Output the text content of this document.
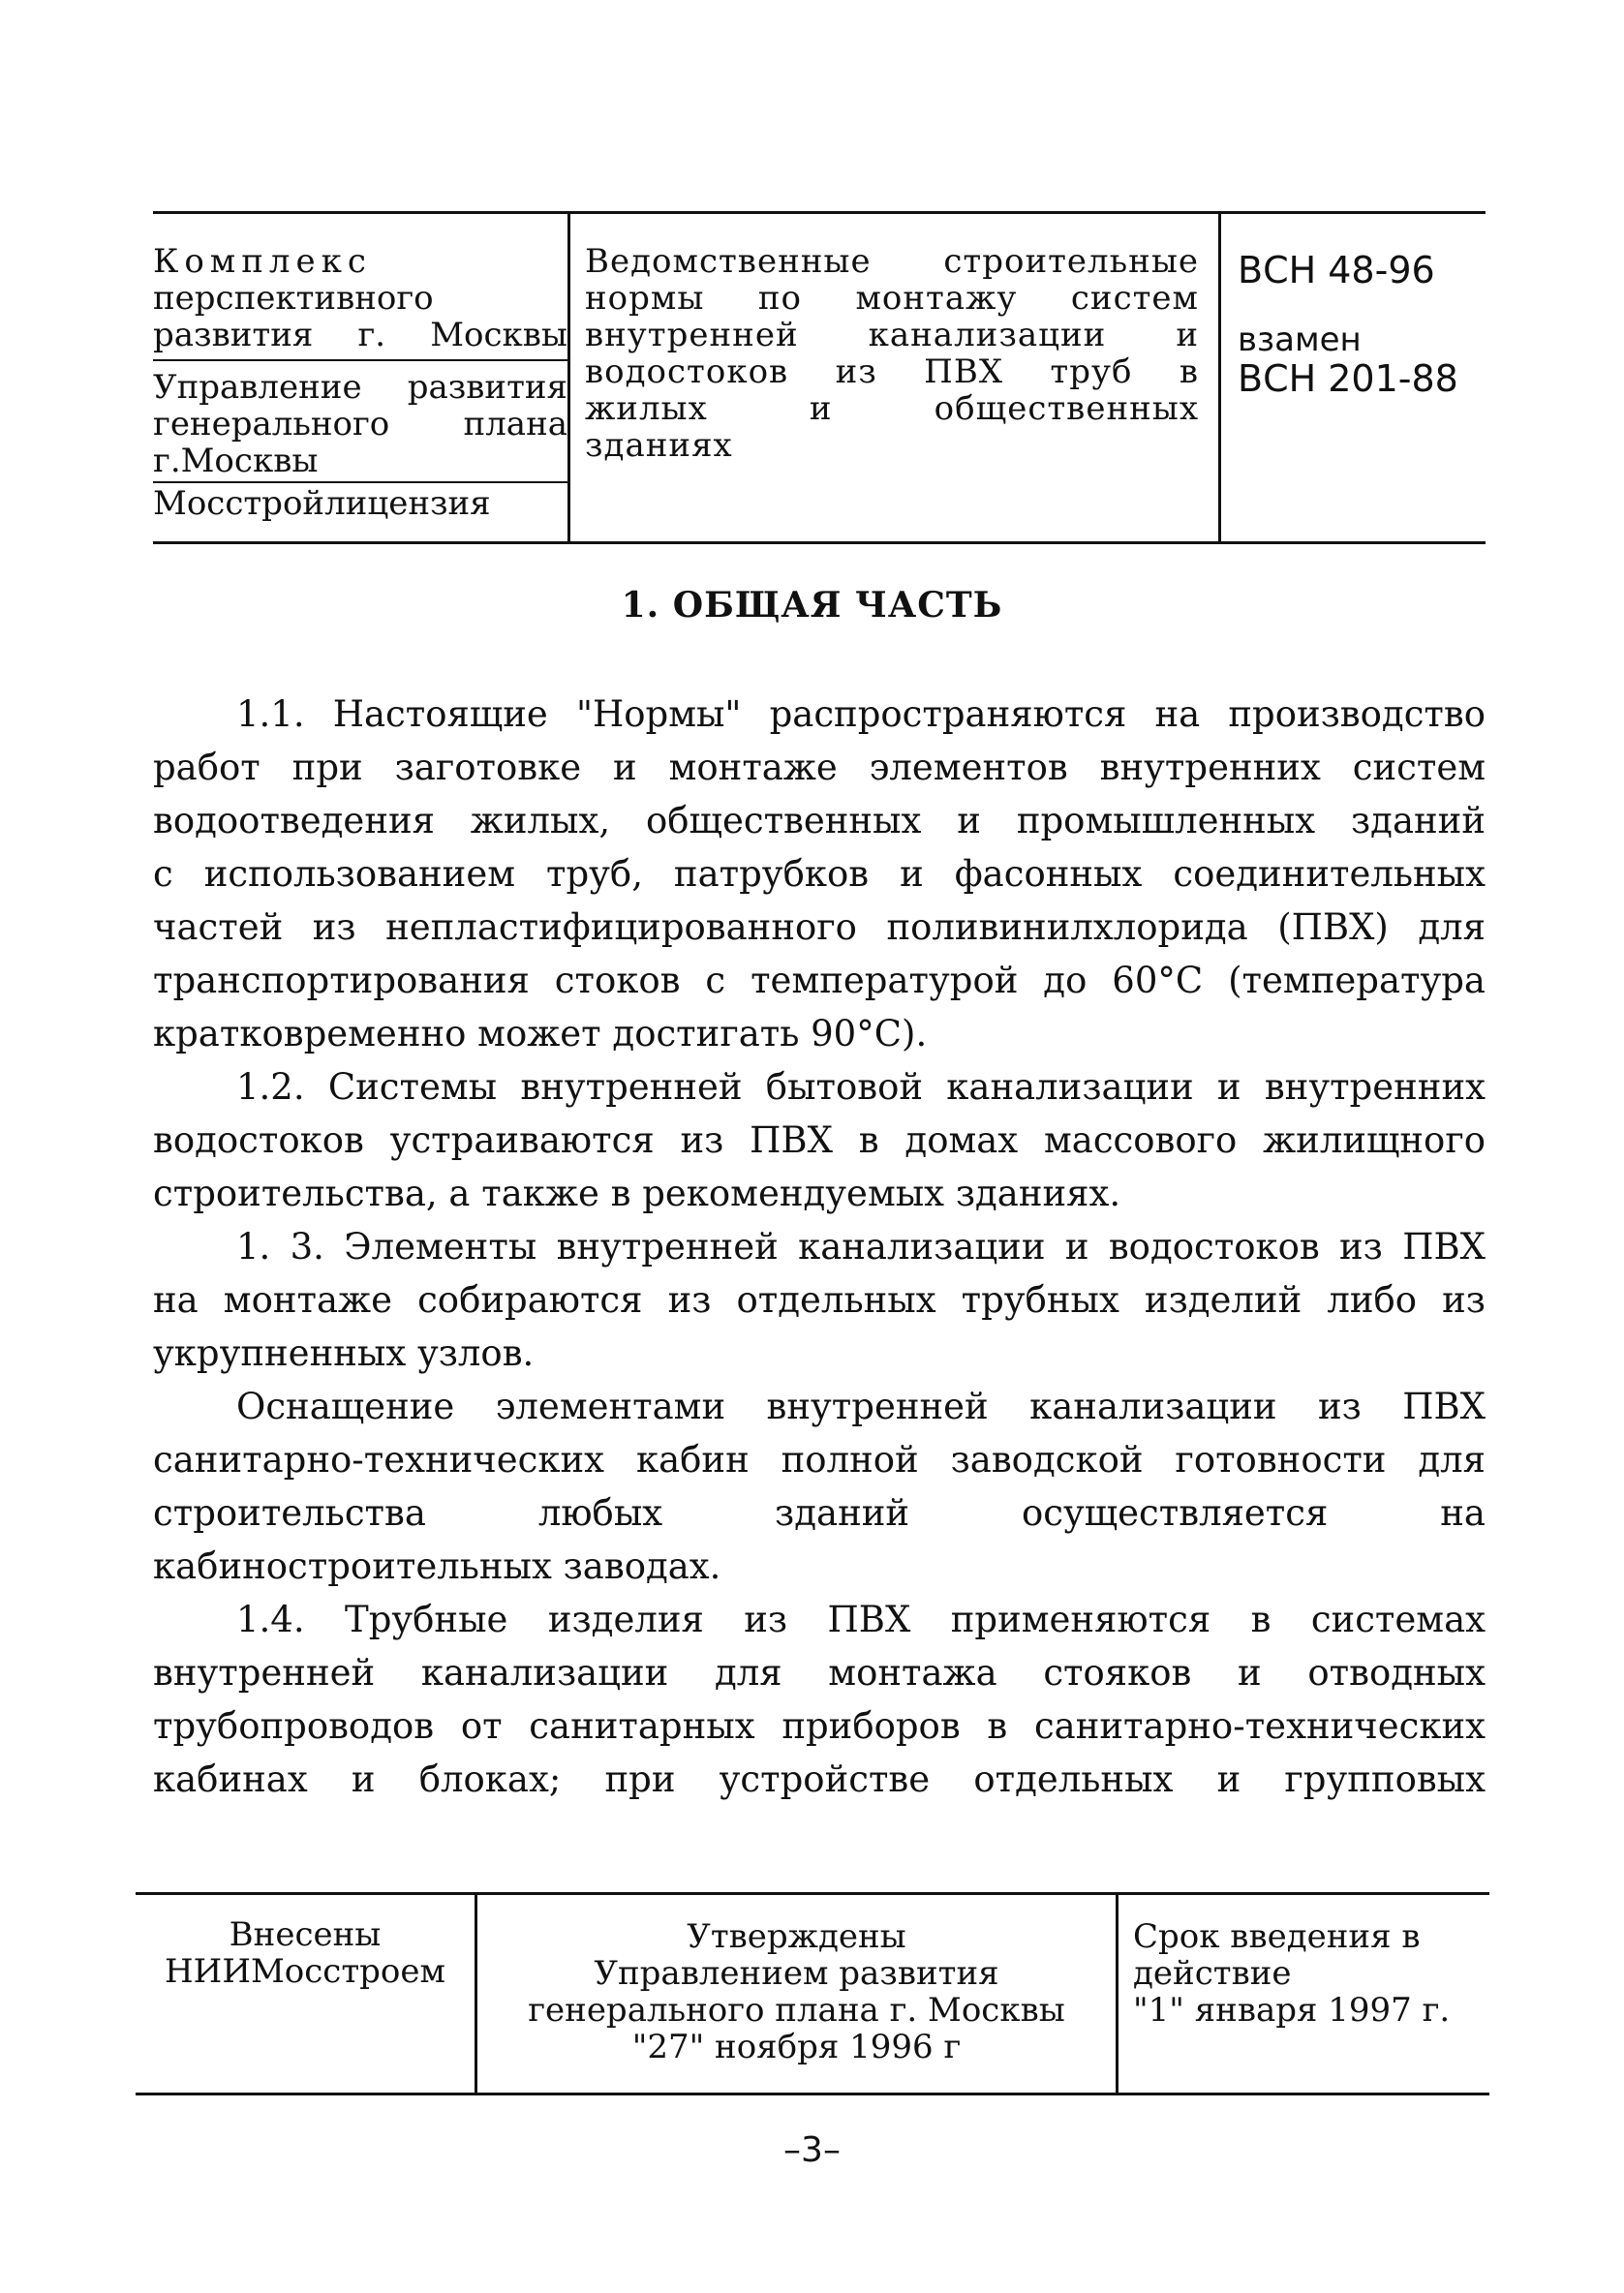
Комплекс
перспективного
развития г. Москвы
Управление развития
генерального плана
г.Москвы
Мосстройлицензия
Ведомственные строительные
нормы по монтажу систем
внутренней канализации и
водостоков из ПВХ труб в
жилых и общественных
зданиях
ВСН 48-96
взамен
ВСН 201-88
1. ОБЩАЯ ЧАСТЬ

1.1. Настоящие "Нормы" распространяются на производство
работ при заготовке и монтаже элементов внутренних систем
водоотведения жилых, общественных и промышленных зданий
с использованием труб, патрубков и фасонных соединительных
частей из непластифицированного поливинилхлорида (ПВХ) для
транспортирования стоков с температурой до 60°С (температура
кратковременно может достигать 90°С).

1.2. Системы внутренней бытовой канализации и внутренних
водостоков устраиваются из ПВХ в домах массового жилищного
строительства, а также в рекомендуемых зданиях.

1. 3. Элементы внутренней канализации и водостоков из ПВХ
на монтаже собираются из отдельных трубных изделий либо из
укрупненных узлов.

Оснащение элементами внутренней канализации из ПВХ
санитарно-технических кабин полной заводской готовности для
строительства любых зданий осуществляется на
кабиностроительных заводах.

1.4. Трубные изделия из ПВХ применяются в системах
внутренней канализации для монтажа стояков и отводных
трубопроводов от санитарных приборов в санитарно-технических
кабинах и блоках; при устройстве отдельных и групповых

Внесены
НИИМосстроем
Утверждены
Управлением развития
генерального плана г. Москвы
"27" ноября 1996 г
Срок введения в
действие
"1" января 1997 г.
–3–
